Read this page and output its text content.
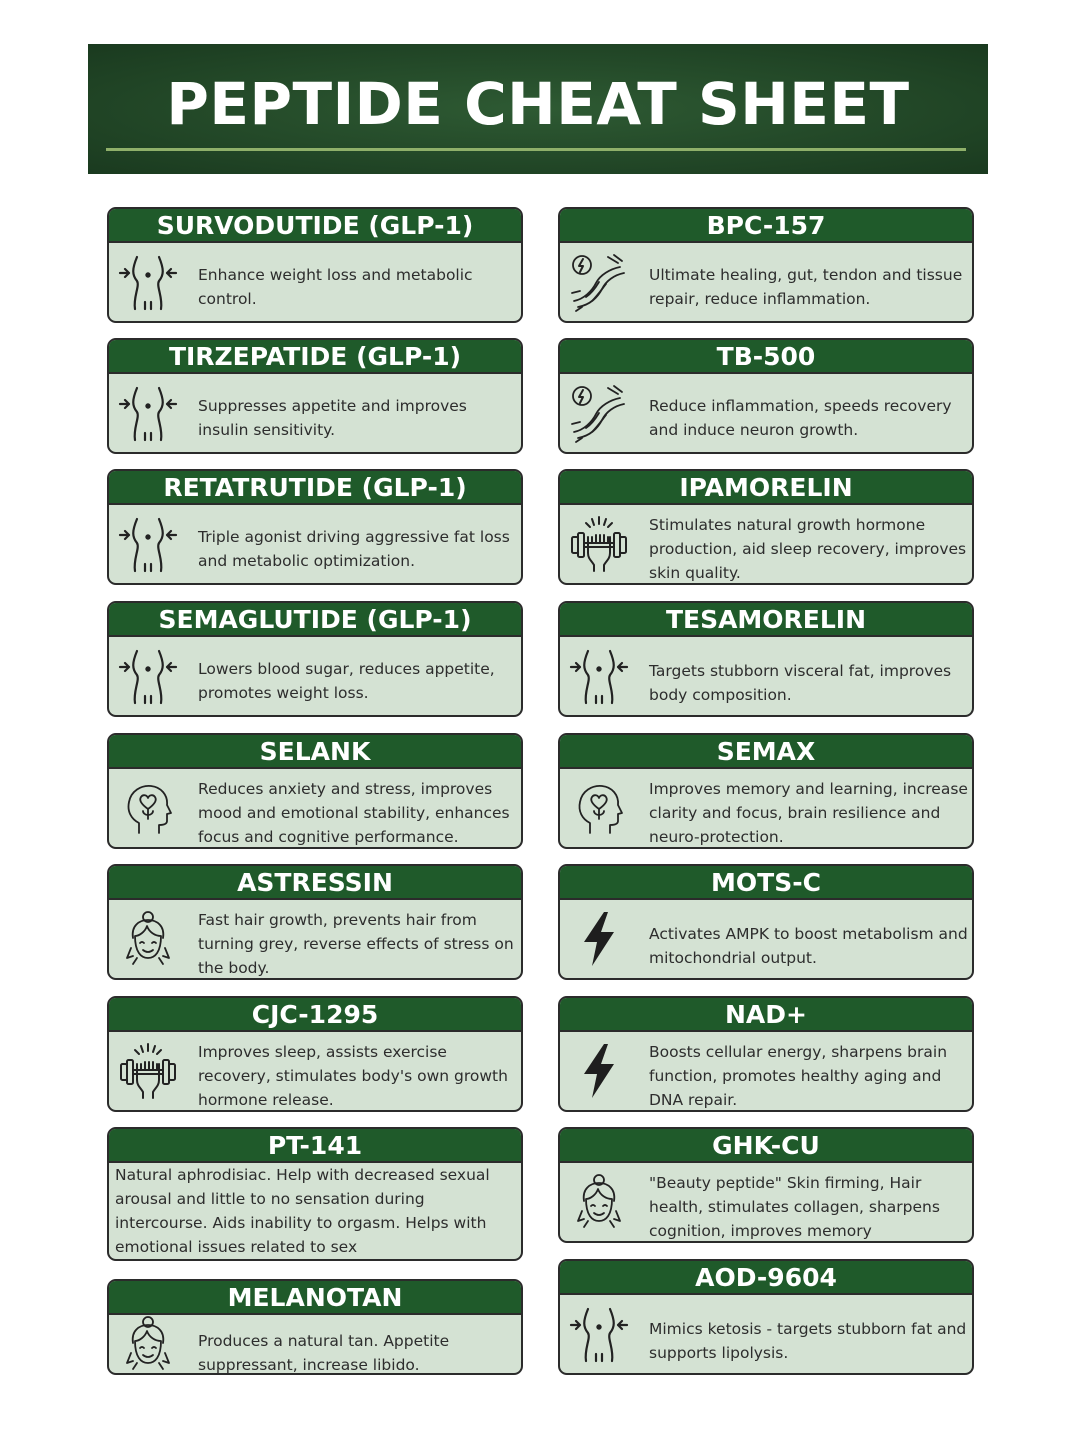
PEPTIDE CHEAT SHEET
SURVODUTIDE (GLP-1)
Enhance weight loss and metabolic control.
TIRZEPATIDE (GLP-1)
Suppresses appetite and improves insulin sensitivity.
RETATRUTIDE (GLP-1)
Triple agonist driving aggressive fat loss and metabolic optimization.
SEMAGLUTIDE (GLP-1)
Lowers blood sugar, reduces appetite, promotes weight loss.
SELANK
Reduces anxiety and stress, improves mood and emotional stability, enhances focus and cognitive performance.
ASTRESSIN
Fast hair growth, prevents hair from turning grey, reverse effects of stress on the body.
CJC-1295
Improves sleep, assists exercise recovery, stimulates body's own growth hormone release.
PT-141
Natural aphrodisiac. Help with decreased sexual arousal and little to no sensation during intercourse. Aids inability to orgasm. Helps with emotional issues related to sex
MELANOTAN
Produces a natural tan. Appetite suppressant, increase libido.
BPC-157
Ultimate healing, gut, tendon and tissue repair, reduce inflammation.
TB-500
Reduce inflammation, speeds recovery and induce neuron growth.
IPAMORELIN
Stimulates natural growth hormone production, aid sleep recovery, improves skin quality.
TESAMORELIN
Targets stubborn visceral fat, improves body composition.
SEMAX
Improves memory and learning, increase clarity and focus, brain resilience and neuro-protection.
MOTS-C
Activates AMPK to boost metabolism and mitochondrial output.
NAD+
Boosts cellular energy, sharpens brain function, promotes healthy aging and DNA repair.
GHK-CU
"Beauty peptide" Skin firming, Hair health, stimulates collagen, sharpens cognition, improves memory
AOD-9604
Mimics ketosis - targets stubborn fat and supports lipolysis.
